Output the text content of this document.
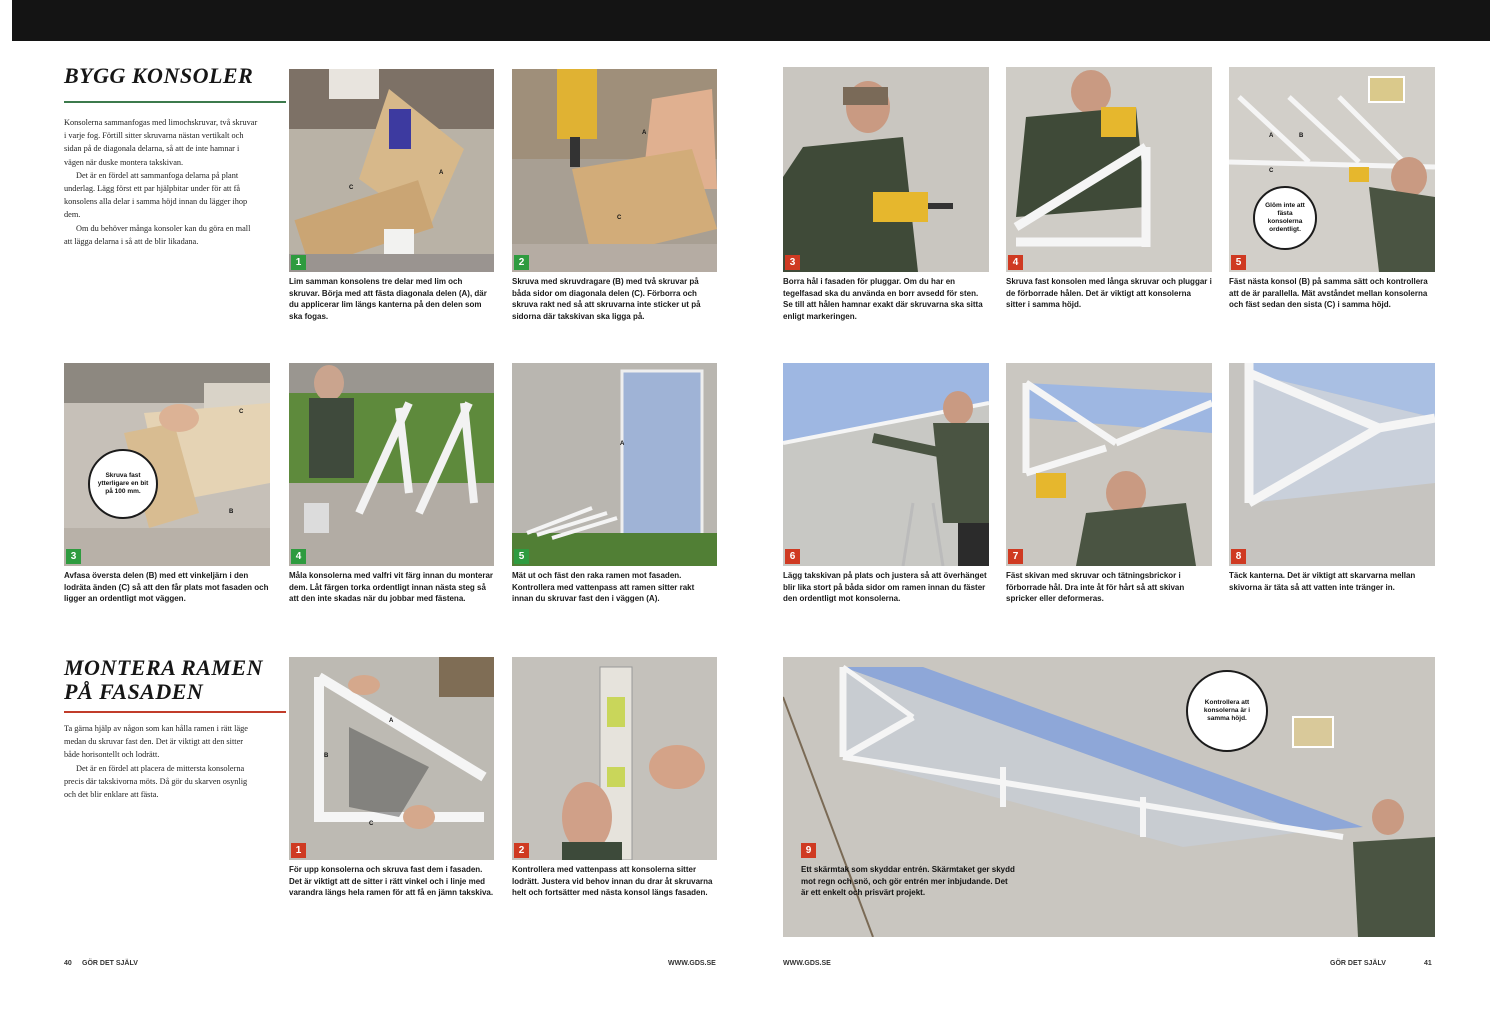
BYGG KONSOLER

Konsolerna sammanfogas med limochskruvar, två skruvar i varje fog. Förtill sitter skruvarna nästan vertikalt och sidan på de diagonala delarna, så att de inte hamnar i vägen när duske montera takskivan.

Det är en fördel att sammanfoga delarna på plant underlag. Lägg först ett par hjälpbitar under för att få konsolens alla delar i samma höjd innan du lägger ihop dem.

Om du behöver många konsoler kan du göra en mall att lägga delarna i så att de blir likadana.

MONTERA RAMEN PÅ FASADEN

Ta gärna hjälp av någon som kan hålla ramen i rätt läge medan du skruvar fast den. Det är viktigt att den sitter både horisontellt och lodrätt.

Det är en fördel att placera de mittersta konsolerna precis där takskivorna möts. Då gör du skarven osynlig och det blir enklare att fästa.

A
C
1

Lim samman konsolens tre delar med lim och skruvar. Börja med att fästa diagonala delen (A), där du applicerar lim längs kanterna på den delen som ska fogas.

A
C
2

Skruva med skruvdragare (B) med två skruvar på båda sidor om diagonala delen (C). Förborra och skruva rakt ned så att skruvarna inte sticker ut på sidorna där takskivan ska ligga på.

C
B
Skruva fast ytterligare en bit på 100 mm.
3

Avfasa översta delen (B) med ett vinkeljärn i den lodräta änden (C) så att den får plats mot fasaden och ligger an ordentligt mot väggen.

4

Måla konsolerna med valfri vit färg innan du monterar dem. Låt färgen torka ordentligt innan nästa steg så att den inte skadas när du jobbar med fästena.

A
5

Mät ut och fäst den raka ramen mot fasaden. Kontrollera med vattenpass att ramen sitter rakt innan du skruvar fast den i väggen (A).

A
B
C
1

För upp konsolerna och skruva fast dem i fasaden. Det är viktigt att de sitter i rätt vinkel och i linje med varandra längs hela ramen för att få en jämn takskiva.

2

Kontrollera med vattenpass att konsolerna sitter lodrätt. Justera vid behov innan du drar åt skruvarna helt och fortsätter med nästa konsol längs fasaden.

3

Borra hål i fasaden för pluggar. Om du har en tegelfasad ska du använda en borr avsedd för sten. Se till att hålen hamnar exakt där skruvarna ska sitta enligt markeringen.

4

Skruva fast konsolen med långa skruvar och pluggar i de förborrade hålen. Det är viktigt att konsolerna sitter i samma höjd.

A	B
C
Glöm inte att fästa konsolerna ordentligt.
5

Fäst nästa konsol (B) på samma sätt och kontrollera att de är parallella. Mät avståndet mellan konsolerna och fäst sedan den sista (C) i samma höjd.

6

Lägg takskivan på plats och justera så att överhänget blir lika stort på båda sidor om ramen innan du fäster den ordentligt mot konsolerna.

7

Fäst skivan med skruvar och tätningsbrickor i förborrade hål. Dra inte åt för hårt så att skivan spricker eller deformeras.

8

Täck kanterna. Det är viktigt att skarvarna mellan skivorna är täta så att vatten inte tränger in.

Kontrollera att konsolerna är i samma höjd.
9

Ett skärmtak som skyddar entrén. Skärmtaket ger skydd mot regn och snö, och gör entrén mer inbjudande. Det är ett enkelt och prisvärt projekt.

40 GÖR DET SJÄLV	WWW.GDS.SE	WWW.GDS.SE	GÖR DET SJÄLV	41
